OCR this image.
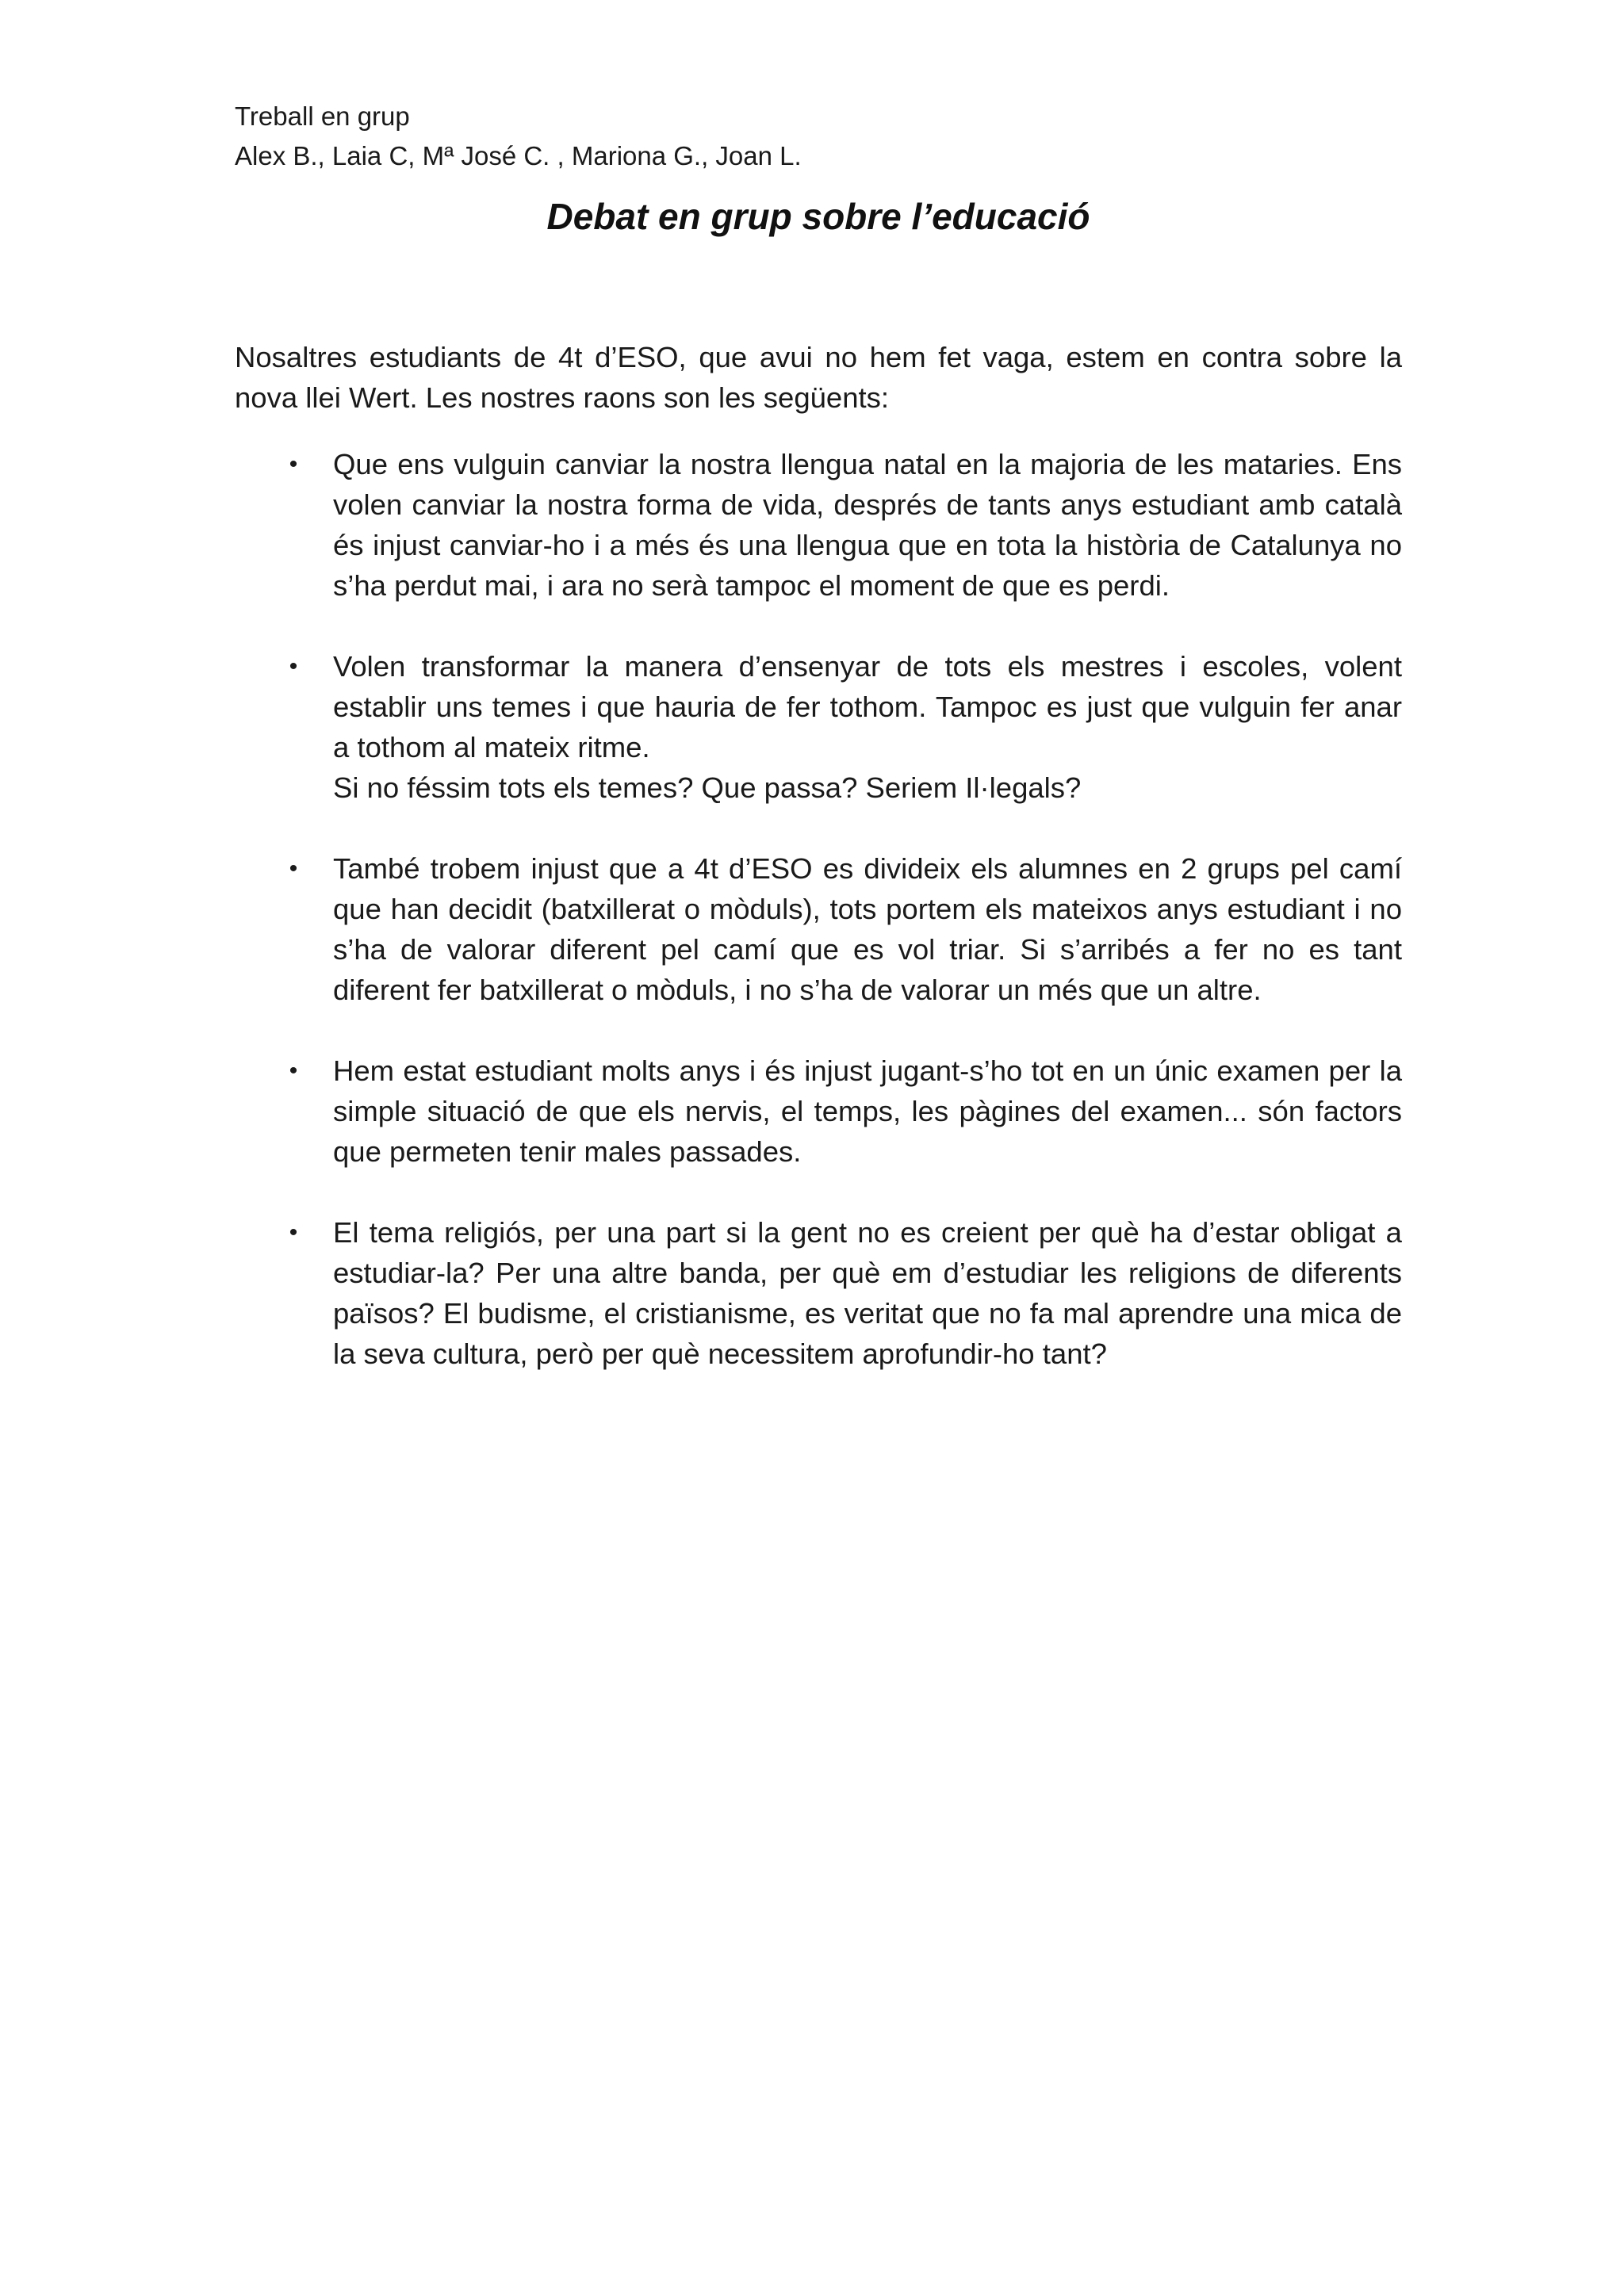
Treball en grup
Alex B., Laia C, Mª José C. , Mariona G., Joan L.
Debat en grup sobre l’educació

Nosaltres estudiants de 4t d’ESO, que avui no hem fet vaga, estem en contra sobre la nova llei Wert. Les nostres raons son les següents:

• Que ens vulguin canviar la nostra llengua natal en la majoria de les mataries. Ens volen canviar la nostra forma de vida, després de tants anys estudiant amb català és injust canviar-ho i a més és una llengua que en tota la història de Catalunya no s’ha perdut mai, i ara no serà tampoc el moment de que es perdi.
• Volen transformar la manera d’ensenyar de tots els mestres i escoles, volent establir uns temes i que hauria de fer tothom. Tampoc es just que vulguin fer anar a tothom al mateix ritme.
Si no féssim tots els temes? Que passa? Seriem Il·legals?
• També trobem injust que a 4t d’ESO es divideix els alumnes en 2 grups pel camí que han decidit (batxillerat o mòduls), tots portem els mateixos anys estudiant i no s’ha de valorar diferent pel camí que es vol triar. Si s’arribés a fer no es tant diferent fer batxillerat o mòduls, i no s’ha de valorar un més que un altre.
• Hem estat estudiant molts anys i és injust jugant-s’ho tot en un únic examen per la simple situació de que els nervis, el temps, les pàgines del examen... són factors que permeten tenir males passades.
• El tema religiós, per una part si la gent no es creient per què ha d’estar obligat a estudiar-la? Per una altre banda, per què em d’estudiar les religions de diferents països? El budisme, el cristianisme, es veritat que no fa mal aprendre una mica de la seva cultura, però per què necessitem aprofundir-ho tant?
